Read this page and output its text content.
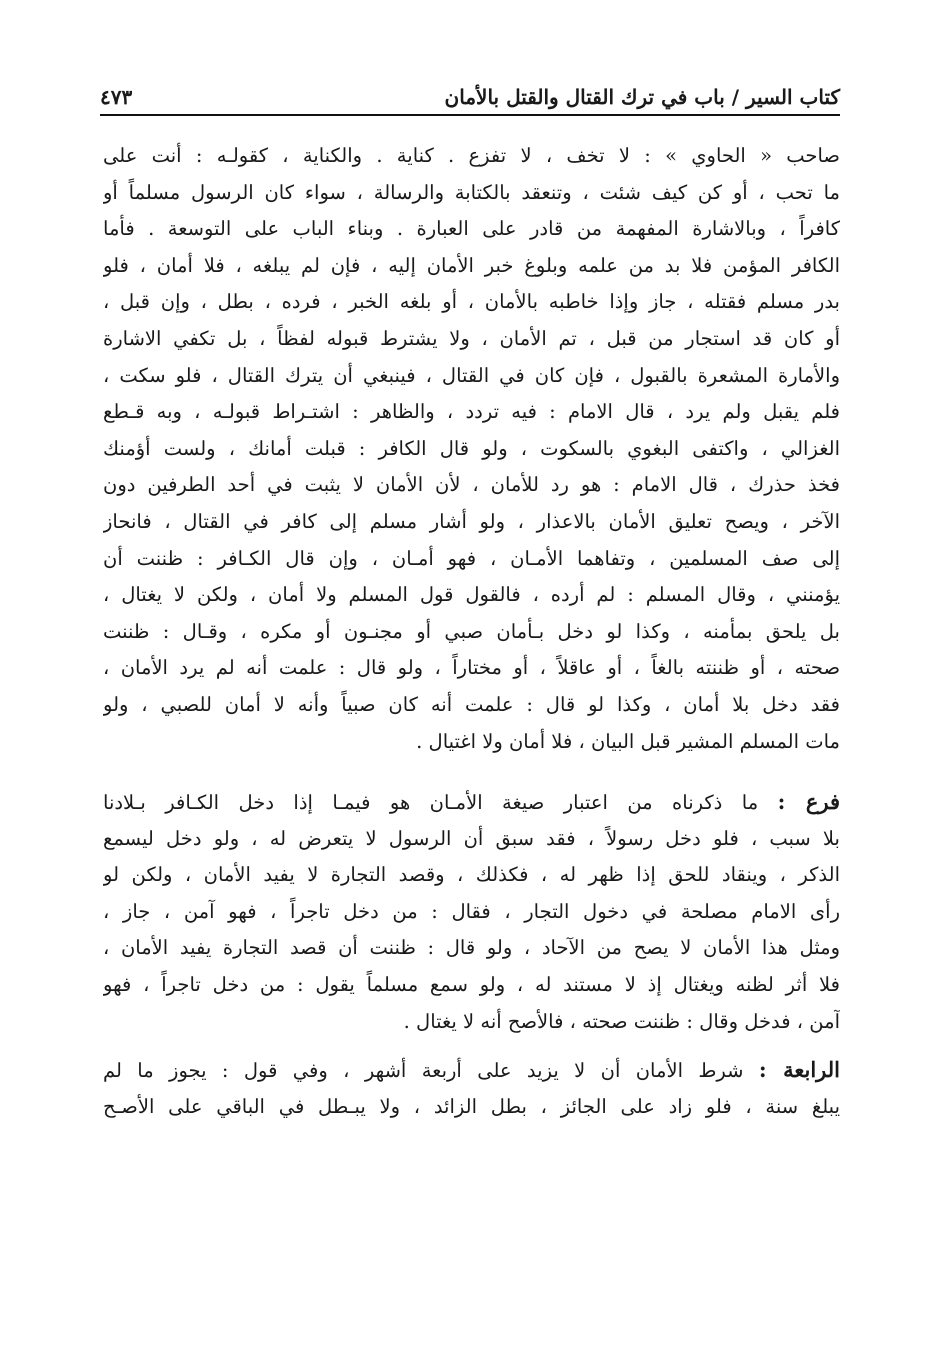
كتاب السير / باب في ترك القتال والقتل بالأمان
٤٧٣
صاحب « الحاوي » : لا تخف ، لا تفزع . كناية . والكناية ، كقولـه : أنت على
ما تحب ، أو كن كيف شئت ، وتنعقد بالكتابة والرسالة ، سواء كان الرسول مسلماً أو
كافراً ، وبالاشارة المفهمة من قادر على العبارة . وبناء الباب على التوسعة . فأما
الكافر المؤمن فلا بد من علمه وبلوغ خبر الأمان إليه ، فإن لم يبلغه ، فلا أمان ، فلو
بدر مسلم فقتله ، جاز وإذا خاطبه بالأمان ، أو بلغه الخبر ، فرده ، بطل ، وإن قبل ،
أو كان قد استجار من قبل ، تم الأمان ، ولا يشترط قبوله لفظاً ، بل تكفي الاشارة
والأمارة المشعرة بالقبول ، فإن كان في القتال ، فينبغي أن يترك القتال ، فلو سكت ،
فلم يقبل ولم يرد ، قال الامام : فيه تردد ، والظاهر : اشتـراط قبولـه ، وبه قـطع
الغزالي ، واكتفى البغوي بالسكوت ، ولو قال الكافر : قبلت أمانك ، ولست أؤمنك
فخذ حذرك ، قال الامام : هو رد للأمان ، لأن الأمان لا يثبت في أحد الطرفين دون
الآخر ، ويصح تعليق الأمان بالاعذار ، ولو أشار مسلم إلى كافر في القتال ، فانحاز
إلى صف المسلمين ، وتفاهما الأمـان ، فهو أمـان ، وإن قال الكـافر : ظننت أن
يؤمنني ، وقال المسلم : لم أرده ، فالقول قول المسلم ولا أمان ، ولكن لا يغتال ،
بل يلحق بمأمنه ، وكذا لو دخل بـأمان صبي أو مجنـون أو مكره ، وقـال : ظننت
صحته ، أو ظننته بالغاً ، أو عاقلاً ، أو مختاراً ، ولو قال : علمت أنه لم يرد الأمان ،
فقد دخل بلا أمان ، وكذا لو قال : علمت أنه كان صبياً وأنه لا أمان للصبي ، ولو
مات المسلم المشير قبل البيان ، فلا أمان ولا اغتيال .
فرع : ما ذكرناه من اعتبار صيغة الأمـان هو فيمـا إذا دخل الكـافر بـلادنا
بلا سبب ، فلو دخل رسولاً ، فقد سبق أن الرسول لا يتعرض له ، ولو دخل ليسمع
الذكر ، وينقاد للحق إذا ظهر له ، فكذلك ، وقصد التجارة لا يفيد الأمان ، ولكن لو
رأى الامام مصلحة في دخول التجار ، فقال : من دخل تاجراً ، فهو آمن ، جاز ،
ومثل هذا الأمان لا يصح من الآحاد ، ولو قال : ظننت أن قصد التجارة يفيد الأمان ،
فلا أثر لظنه ويغتال إذ لا مستند له ، ولو سمع مسلماً يقول : من دخل تاجراً ، فهو
آمن ، فدخل وقال : ظننت صحته ، فالأصح أنه لا يغتال .
الرابعة : شرط الأمان أن لا يزيد على أربعة أشهر ، وفي قول : يجوز ما لم
يبلغ سنة ، فلو زاد على الجائز ، بطل الزائد ، ولا يبـطل في الباقي على الأصـح
